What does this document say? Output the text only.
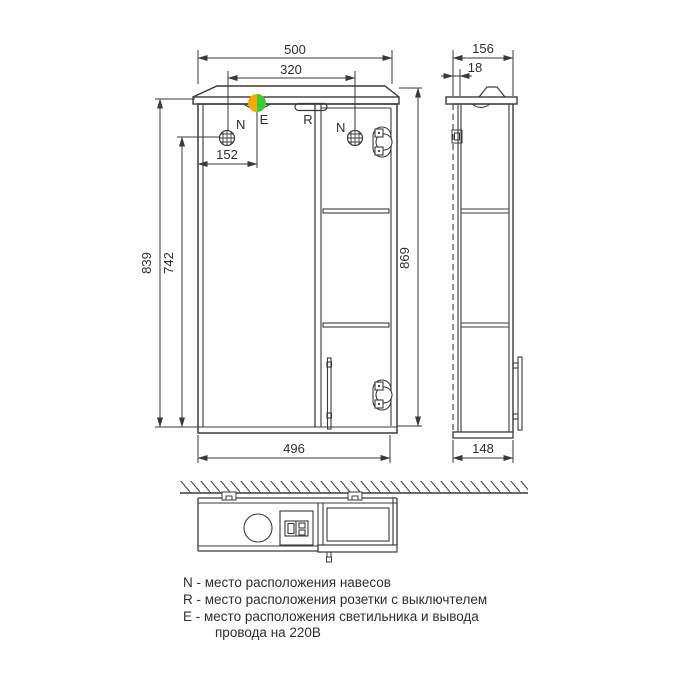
N	N
E	R
500
320
152
839 742	869
496
156
18
148
N - место расположения навесов
R - место расположения розетки с выключтелем
E - место расположения светильника и вывода
провода на 220В
